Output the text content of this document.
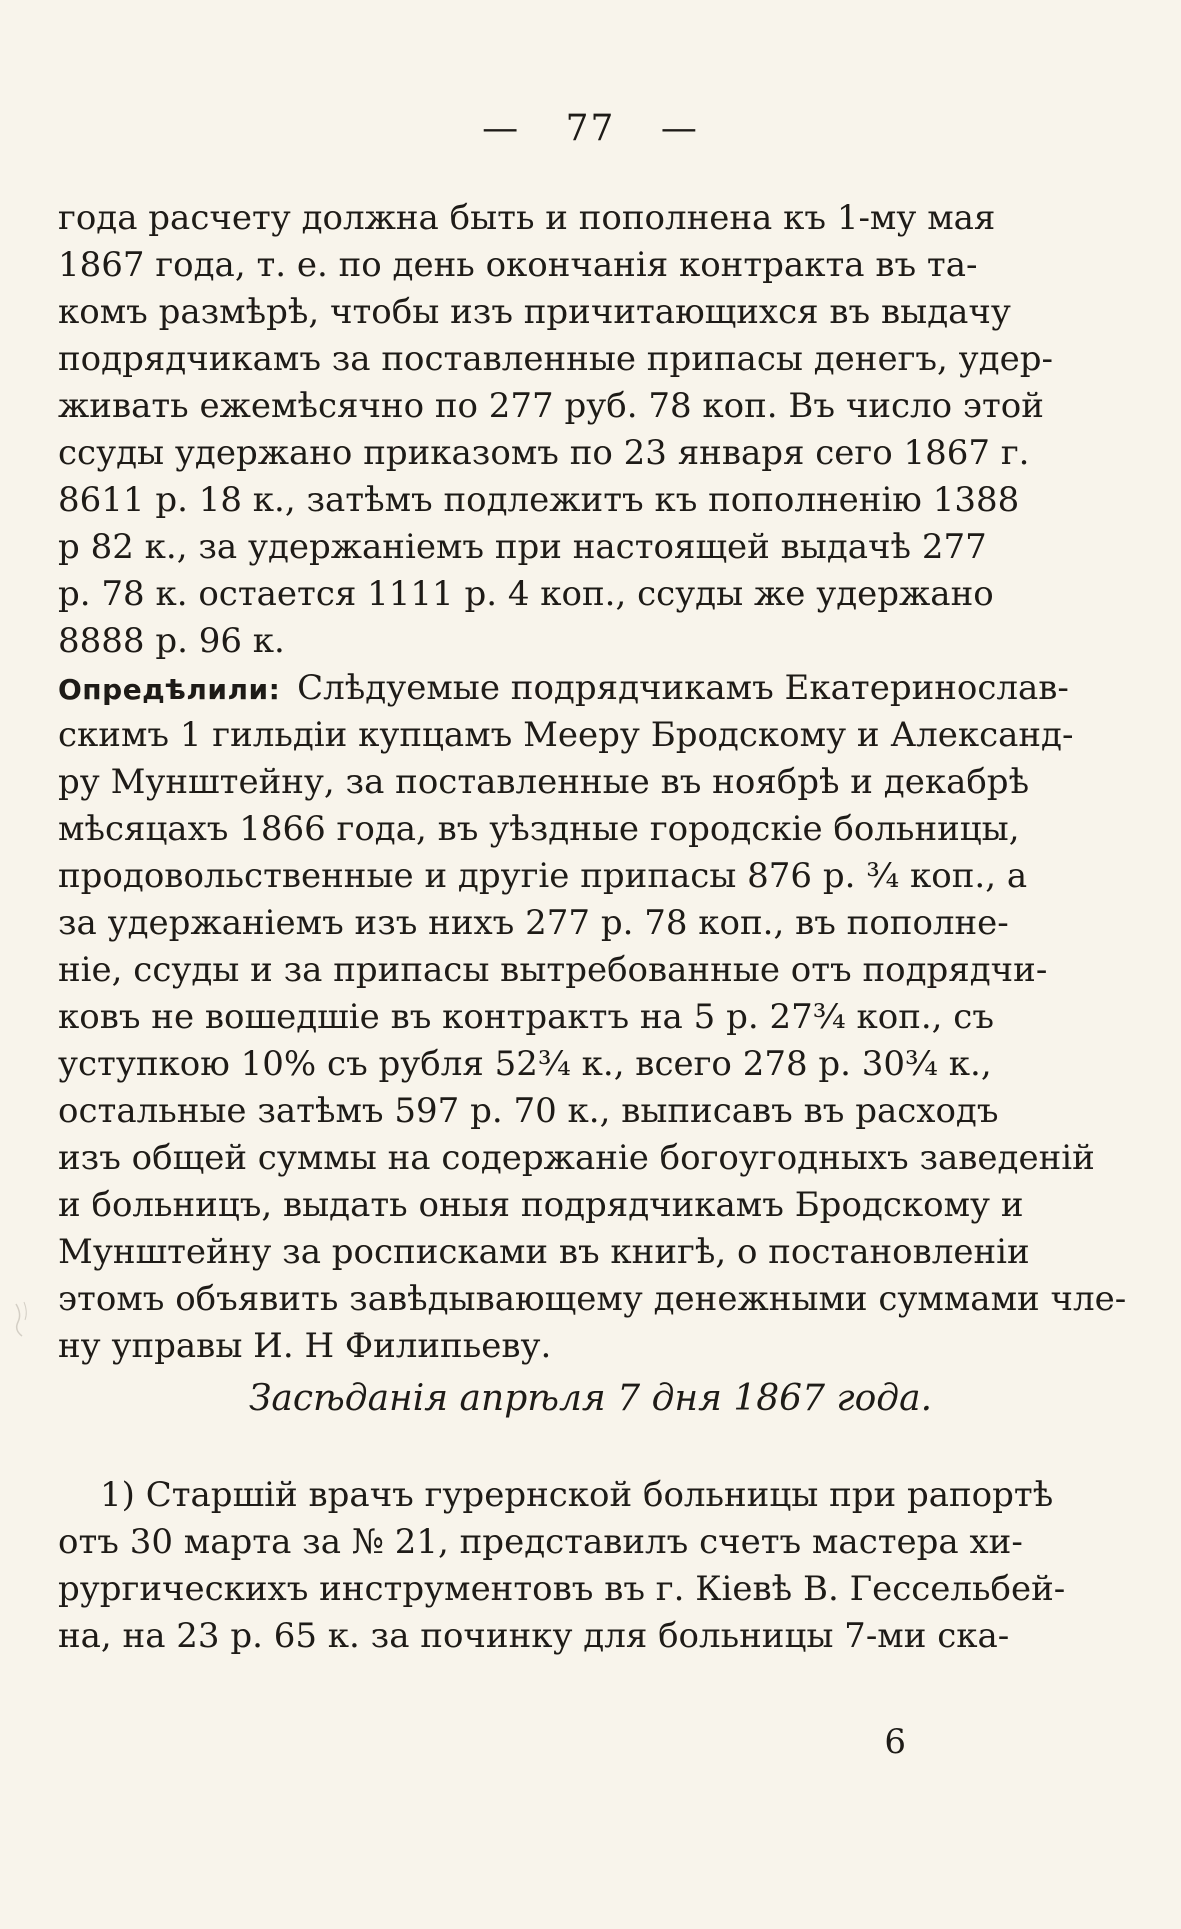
— 77 —
года расчету должна быть и пополнена къ 1-му мая
1867 года, т. е. по день окончанія контракта въ та-
комъ размѣрѣ, чтобы изъ причитающихся въ выдачу
подрядчикамъ за поставленные припасы денегъ, удер-
живать ежемѣсячно по 277 руб. 78 коп. Въ число этой
ссуды удержано приказомъ по 23 января сего 1867 г.
8611 р. 18 к., затѣмъ подлежитъ къ пополненію 1388
р 82 к., за удержаніемъ при настоящей выдачѣ 277
р. 78 к. остается 1111 р. 4 коп., ссуды же удержано
8888 р. 96 к.
Опредѣлили: Слѣдуемые подрядчикамъ Екатеринослав-
скимъ 1 гильдіи купцамъ Мееру Бродскому и Александ-
ру Мунштейну, за поставленные въ ноябрѣ и декабрѣ
мѣсяцахъ 1866 года, въ уѣздные городскіе больницы,
продовольственные и другіе припасы 876 р. ¾ коп., а
за удержаніемъ изъ нихъ 277 р. 78 коп., въ пополне-
ніе, ссуды и за припасы вытребованные отъ подрядчи-
ковъ не вошедшіе въ контрактъ на 5 р. 27¾ коп., съ
уступкою 10% съ рубля 52¾ к., всего 278 р. 30¾ к.,
остальные затѣмъ 597 р. 70 к., выписавъ въ расходъ
изъ общей суммы на содержаніе богоугодныхъ заведеній
и больницъ, выдать оныя подрядчикамъ Бродскому и
Мунштейну за росписками въ книгѣ, о постановленіи
этомъ объявить завѣдывающему денежными суммами чле-
ну управы И. Н Филипьеву.
Засѣданія апрѣля 7 дня 1867 года.
1) Старшій врачъ гурернской больницы при рапортѣ
отъ 30 марта за № 21, представилъ счетъ мастера хи-
рургическихъ инструментовъ въ г. Кіевѣ В. Гессельбей-
на, на 23 р. 65 к. за починку для больницы 7-ми ска-
6
